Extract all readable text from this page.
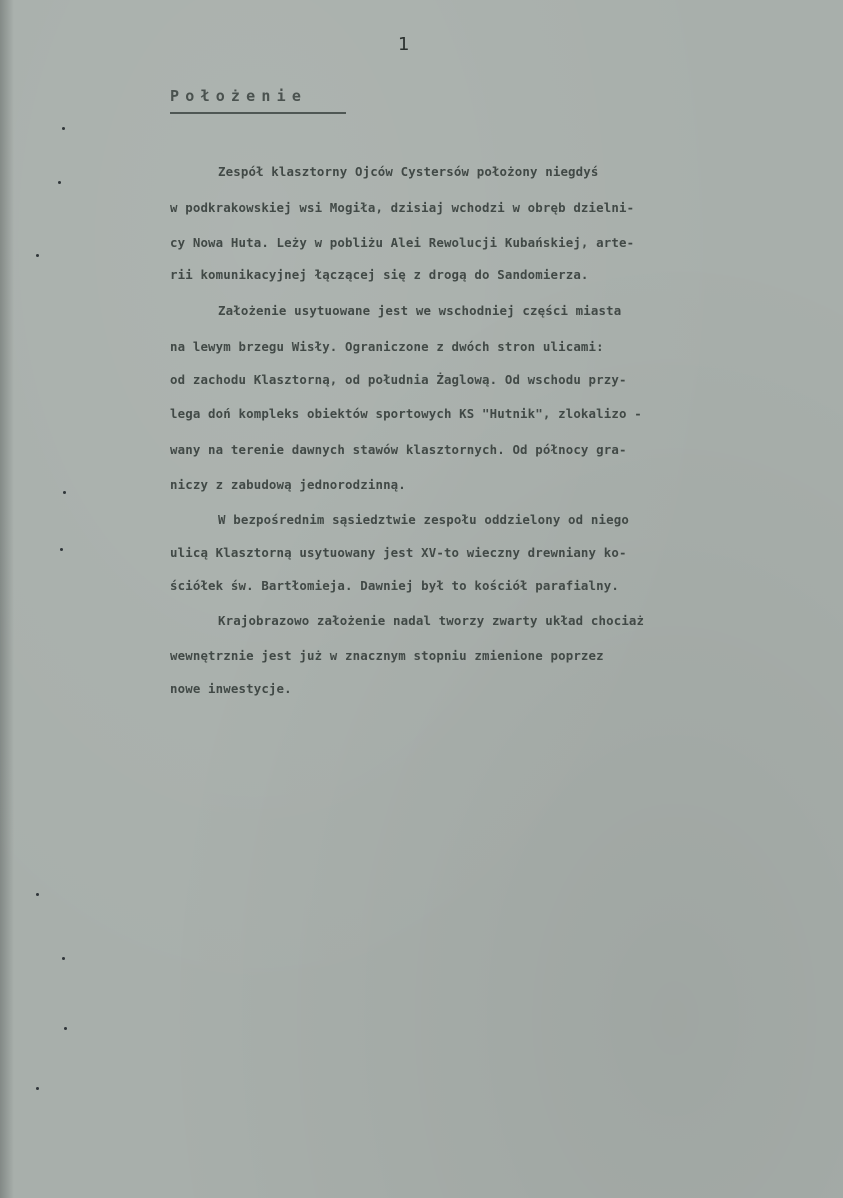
1
Położenie
Zespół klasztorny Ojców Cystersów położony niegdyś
w podkrakowskiej wsi Mogiła, dzisiaj wchodzi w obręb dzielni-
cy Nowa Huta. Leży w pobliżu Alei Rewolucji Kubańskiej, arte-
rii komunikacyjnej łączącej się z drogą do Sandomierza.
Założenie usytuowane jest we wschodniej części miasta
na lewym brzegu Wisły. Ograniczone z dwóch stron ulicami:
od zachodu Klasztorną, od południa Żaglową. Od wschodu przy-
lega doń kompleks obiektów sportowych KS "Hutnik", zlokalizo -
wany na terenie dawnych stawów klasztornych. Od północy gra-
niczy z zabudową jednorodzinną.
W bezpośrednim sąsiedztwie zespołu oddzielony od niego
ulicą Klasztorną usytuowany jest XV-to wieczny drewniany ko-
ściółek św. Bartłomieja. Dawniej był to kościół parafialny.
Krajobrazowo założenie nadal tworzy zwarty układ chociaż
wewnętrznie jest już w znacznym stopniu zmienione poprzez
nowe inwestycje.
